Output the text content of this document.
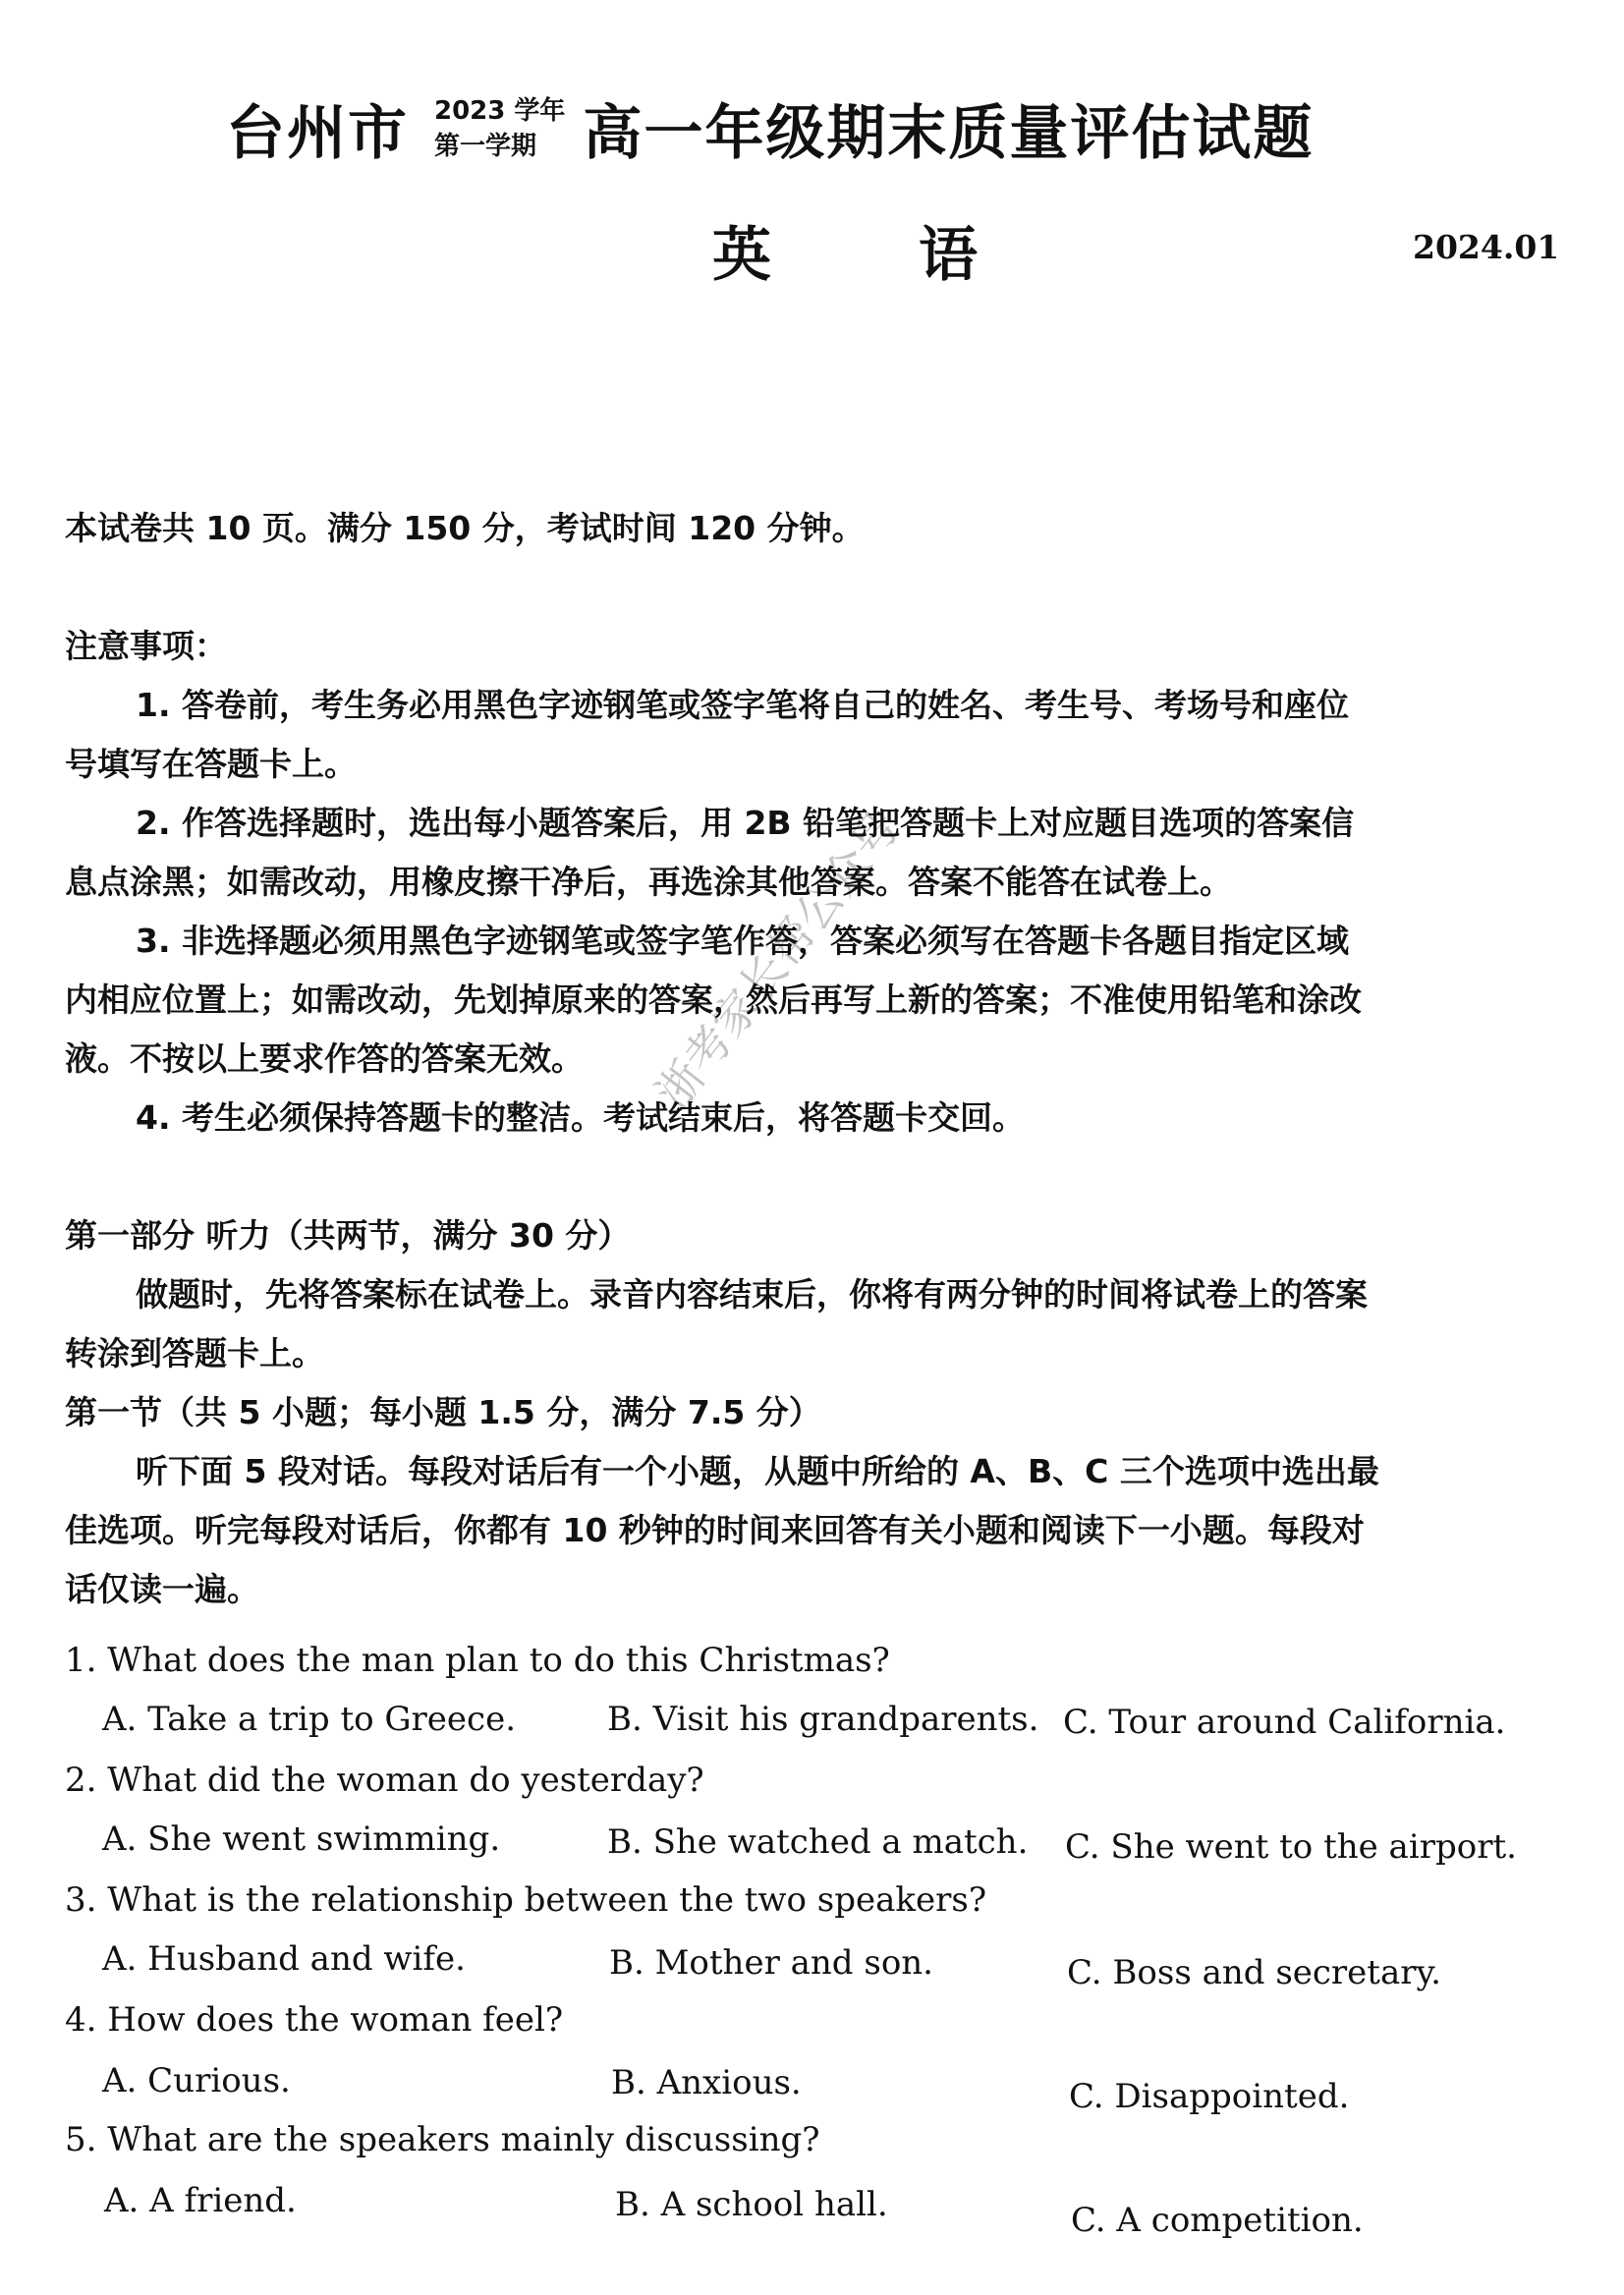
浙考家长帮公众号
台州市 2023 学年
第一学期 高一年级期末质量评估试题
英语	2024.01
本试卷共 10 页。满分 150 分，考试时间 120 分钟。
注意事项：
1. 答卷前，考生务必用黑色字迹钢笔或签字笔将自己的姓名、考生号、考场号和座位
号填写在答题卡上。
2. 作答选择题时，选出每小题答案后，用 2B 铅笔把答题卡上对应题目选项的答案信
息点涂黑；如需改动，用橡皮擦干净后，再选涂其他答案。答案不能答在试卷上。
3. 非选择题必须用黑色字迹钢笔或签字笔作答，答案必须写在答题卡各题目指定区域
内相应位置上；如需改动，先划掉原来的答案，然后再写上新的答案；不准使用铅笔和涂改
液。不按以上要求作答的答案无效。
4. 考生必须保持答题卡的整洁。考试结束后，将答题卡交回。
第一部分 听力（共两节，满分 30 分）
做题时，先将答案标在试卷上。录音内容结束后，你将有两分钟的时间将试卷上的答案
转涂到答题卡上。
第一节（共 5 小题；每小题 1.5 分，满分 7.5 分）
听下面 5 段对话。每段对话后有一个小题，从题中所给的 A、B、C 三个选项中选出最
佳选项。听完每段对话后，你都有 10 秒钟的时间来回答有关小题和阅读下一小题。每段对
话仅读一遍。
1. What does the man plan to do this Christmas?
A. Take a trip to Greece.	B. Visit his grandparents. C. Tour around California.
2. What did the woman do yesterday?
A. She went swimming.	B. She watched a match. C. She went to the airport.
3. What is the relationship between the two speakers?
A. Husband and wife.	B. Mother and son.	C. Boss and secretary.
4. How does the woman feel?
A. Curious.	B. Anxious.	C. Disappointed.
5. What are the speakers mainly discussing?
A. A friend.	B. A school hall.	C. A competition.
